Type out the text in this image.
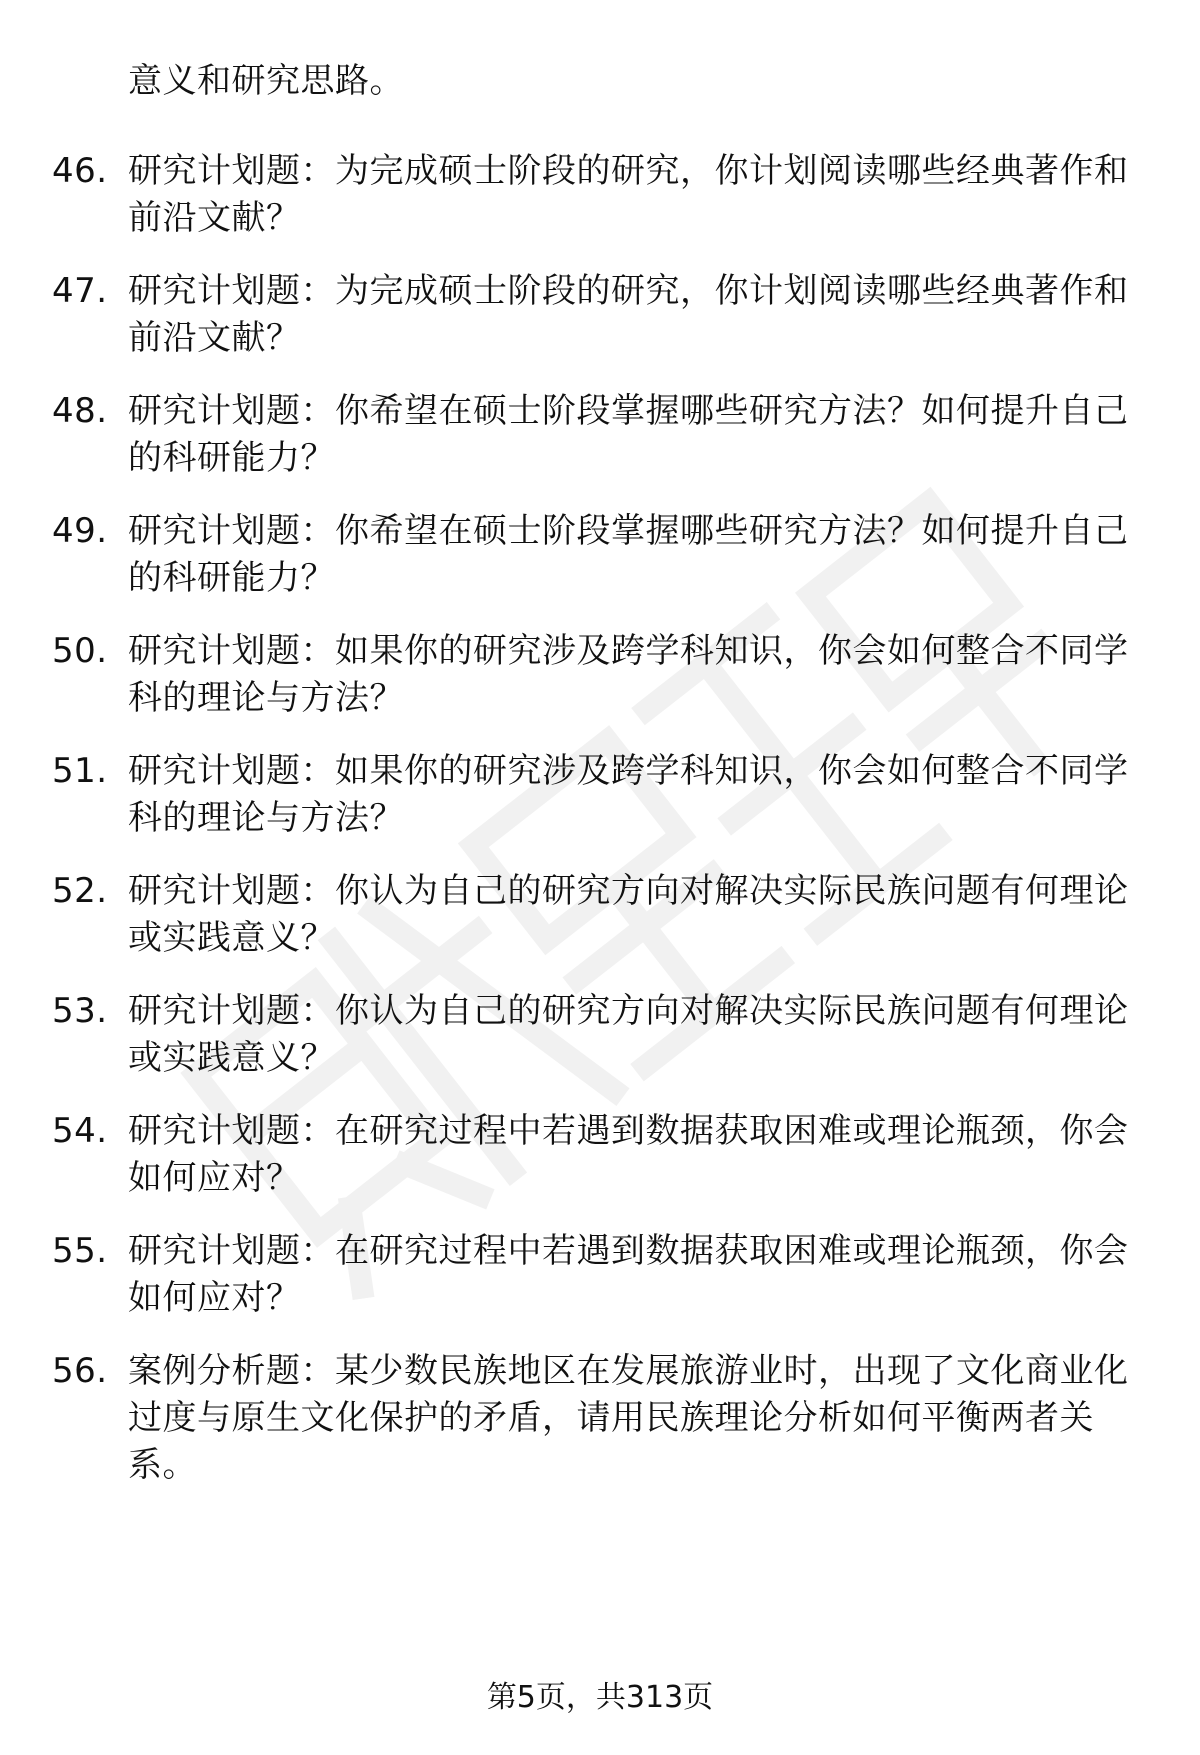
意义和研究思路。
46. 研究计划题：为完成硕士阶段的研究，你计划阅读哪些经典著作和前沿文献？
47. 研究计划题：为完成硕士阶段的研究，你计划阅读哪些经典著作和前沿文献？
48. 研究计划题：你希望在硕士阶段掌握哪些研究方法？如何提升自己的科研能力？
49. 研究计划题：你希望在硕士阶段掌握哪些研究方法？如何提升自己的科研能力？
50. 研究计划题：如果你的研究涉及跨学科知识，你会如何整合不同学科的理论与方法？
51. 研究计划题：如果你的研究涉及跨学科知识，你会如何整合不同学科的理论与方法？
52. 研究计划题：你认为自己的研究方向对解决实际民族问题有何理论或实践意义？
53. 研究计划题：你认为自己的研究方向对解决实际民族问题有何理论或实践意义？
54. 研究计划题：在研究过程中若遇到数据获取困难或理论瓶颈，你会如何应对？
55. 研究计划题：在研究过程中若遇到数据获取困难或理论瓶颈，你会如何应对？
56. 案例分析题：某少数民族地区在发展旅游业时，出现了文化商业化过度与原生文化保护的矛盾，请用民族理论分析如何平衡两者关系。
第5页，共313页
